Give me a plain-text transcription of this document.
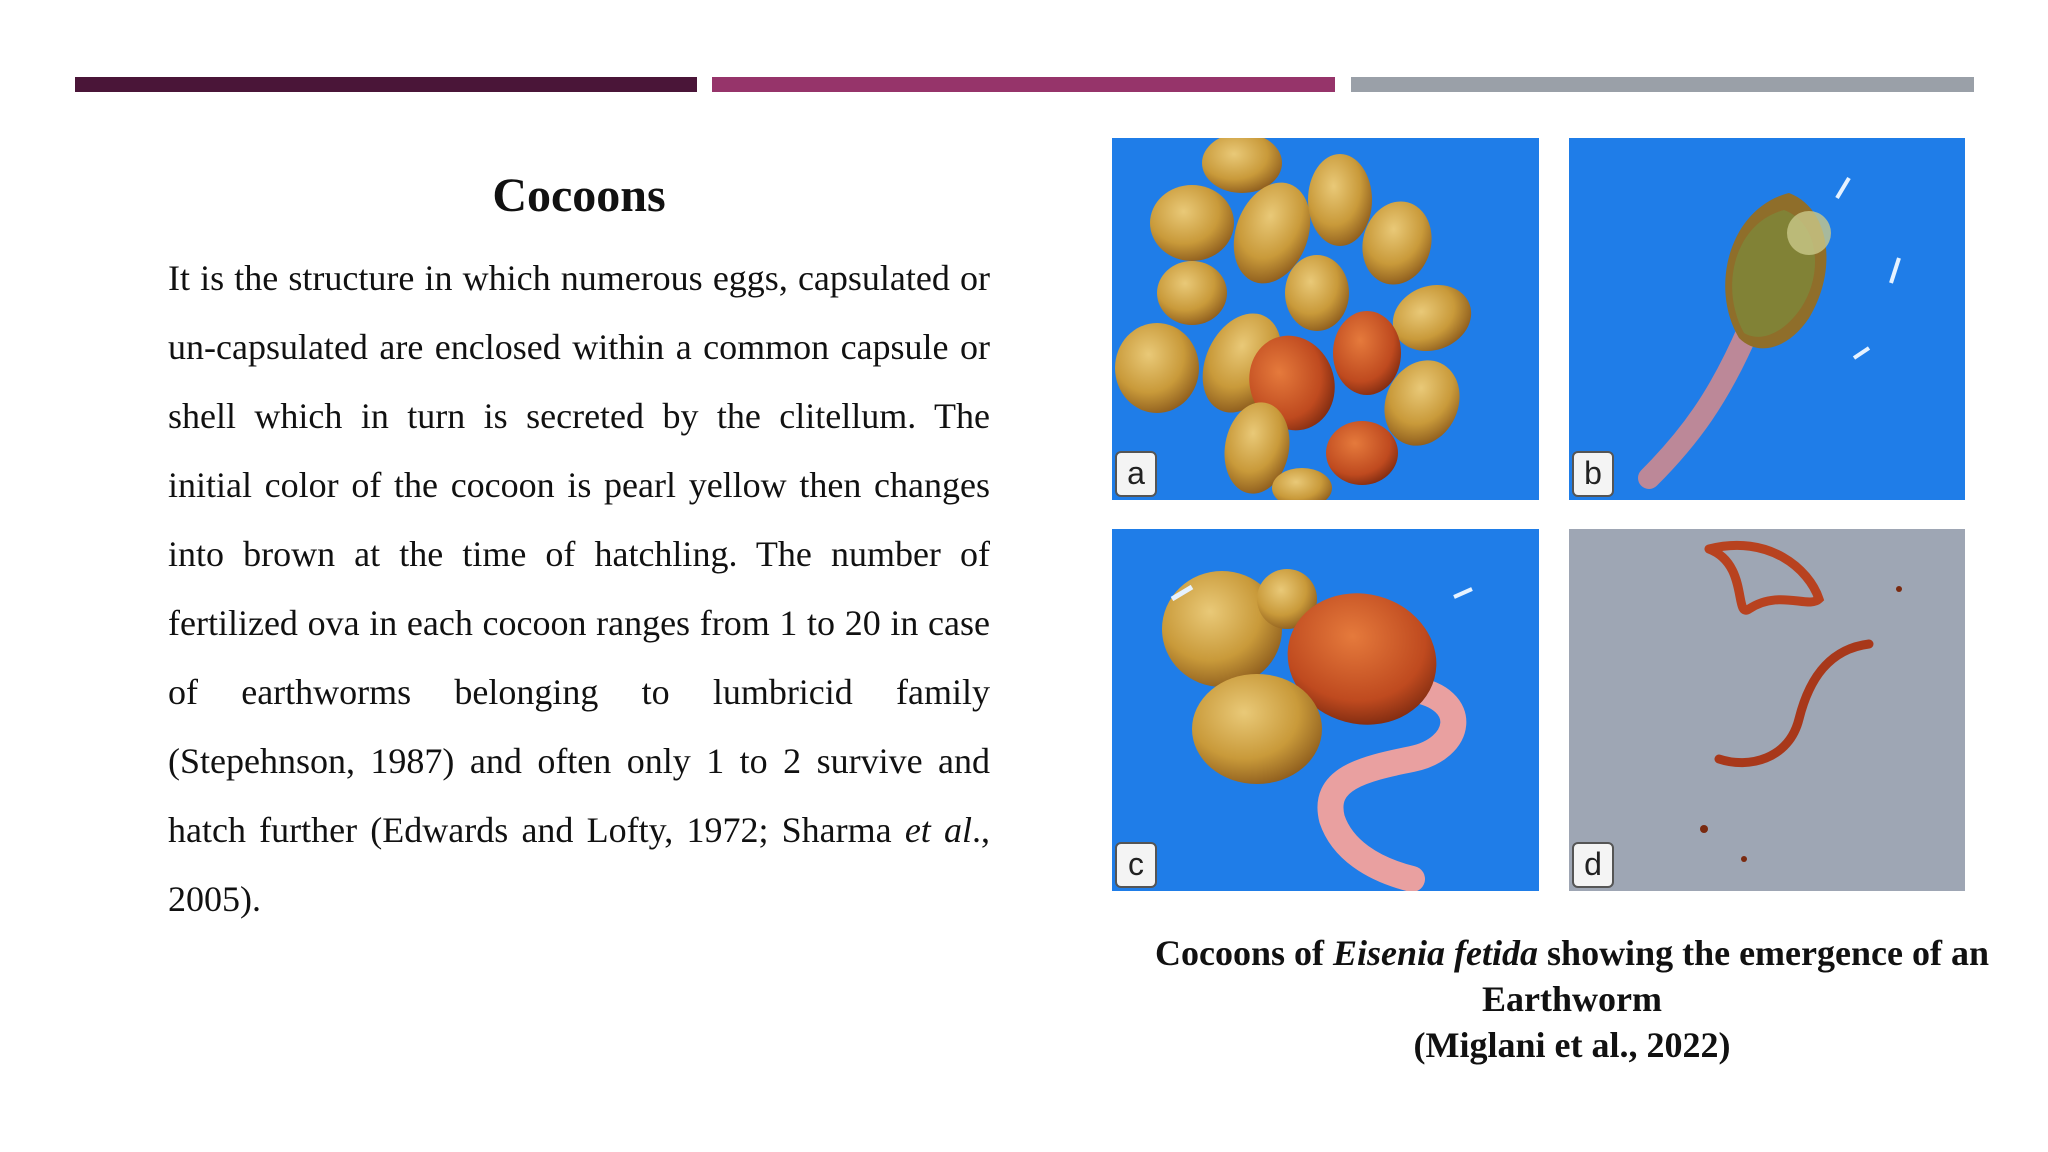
Cocoons

It is the structure in which numerous eggs, capsulated or un-capsulated are enclosed within a common capsule or shell which in turn is secreted by the clitellum. The initial color of the cocoon is pearl yellow then changes into brown at the time of hatchling. The number of fertilized ova in each cocoon ranges from 1 to 20 in case of earthworms belonging to lumbricid family (Stepehnson, 1987) and often only 1 to 2 survive and hatch further (Edwards and Lofty, 1972; Sharma et al., 2005).

a	b
c	d
Cocoons of Eisenia fetida showing the emergence of an
Earthworm
(Miglani et al., 2022)
